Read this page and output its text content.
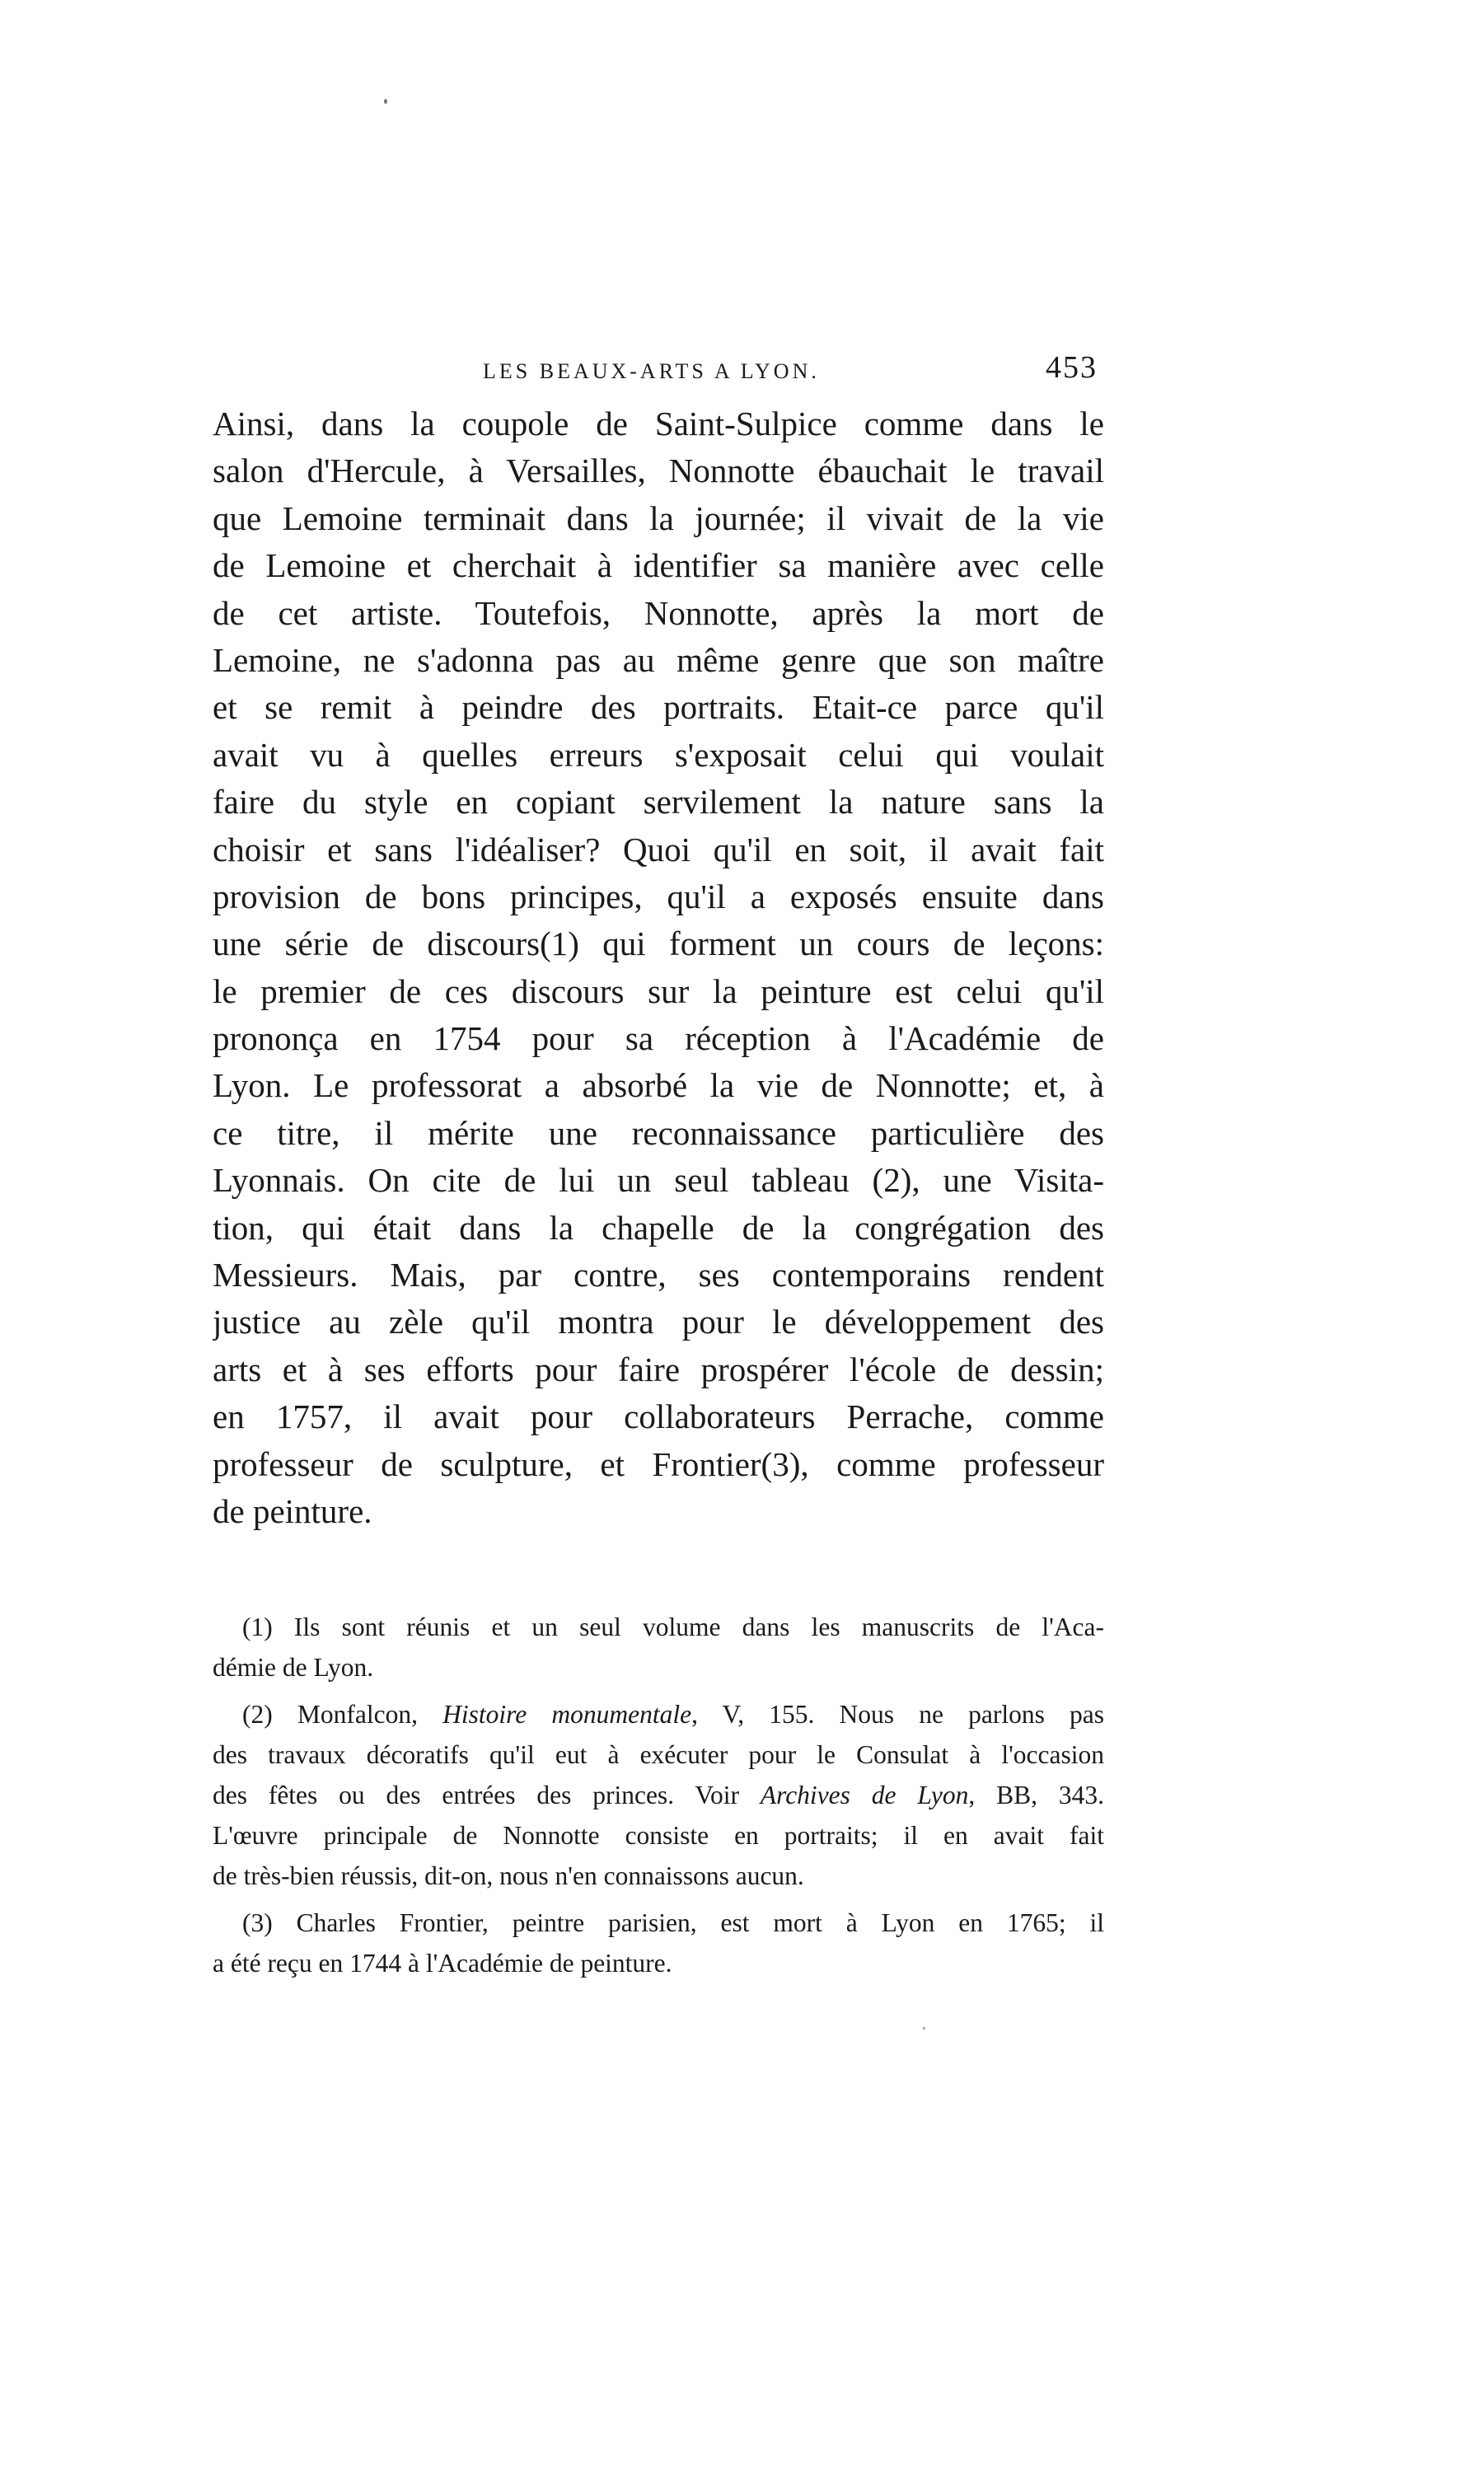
LES BEAUX-ARTS A LYON.	453
Ainsi, dans la coupole de Saint-Sulpice comme dans le
salon d'Hercule, à Versailles, Nonnotte ébauchait le travail
que Lemoine terminait dans la journée; il vivait de la vie
de Lemoine et cherchait à identifier sa manière avec celle
de cet artiste. Toutefois, Nonnotte, après la mort de
Lemoine, ne s'adonna pas au même genre que son maître
et se remit à peindre des portraits. Etait-ce parce qu'il
avait vu à quelles erreurs s'exposait celui qui voulait
faire du style en copiant servilement la nature sans la
choisir et sans l'idéaliser? Quoi qu'il en soit, il avait fait
provision de bons principes, qu'il a exposés ensuite dans
une série de discours(1) qui forment un cours de leçons:
le premier de ces discours sur la peinture est celui qu'il
prononça en 1754 pour sa réception à l'Académie de
Lyon. Le professorat a absorbé la vie de Nonnotte; et, à
ce titre, il mérite une reconnaissance particulière des
Lyonnais. On cite de lui un seul tableau (2), une Visita-
tion, qui était dans la chapelle de la congrégation des
Messieurs. Mais, par contre, ses contemporains rendent
justice au zèle qu'il montra pour le développement des
arts et à ses efforts pour faire prospérer l'école de dessin;
en 1757, il avait pour collaborateurs Perrache, comme
professeur de sculpture, et Frontier(3), comme professeur
de peinture.
(1) Ils sont réunis et un seul volume dans les manuscrits de l'Aca-
démie de Lyon.
(2) Monfalcon, Histoire monumentale, V, 155. Nous ne parlons pas
des travaux décoratifs qu'il eut à exécuter pour le Consulat à l'occasion
des fêtes ou des entrées des princes. Voir Archives de Lyon, BB, 343.
L'œuvre principale de Nonnotte consiste en portraits; il en avait fait
de très-bien réussis, dit-on, nous n'en connaissons aucun.
(3) Charles Frontier, peintre parisien, est mort à Lyon en 1765; il
a été reçu en 1744 à l'Académie de peinture.
